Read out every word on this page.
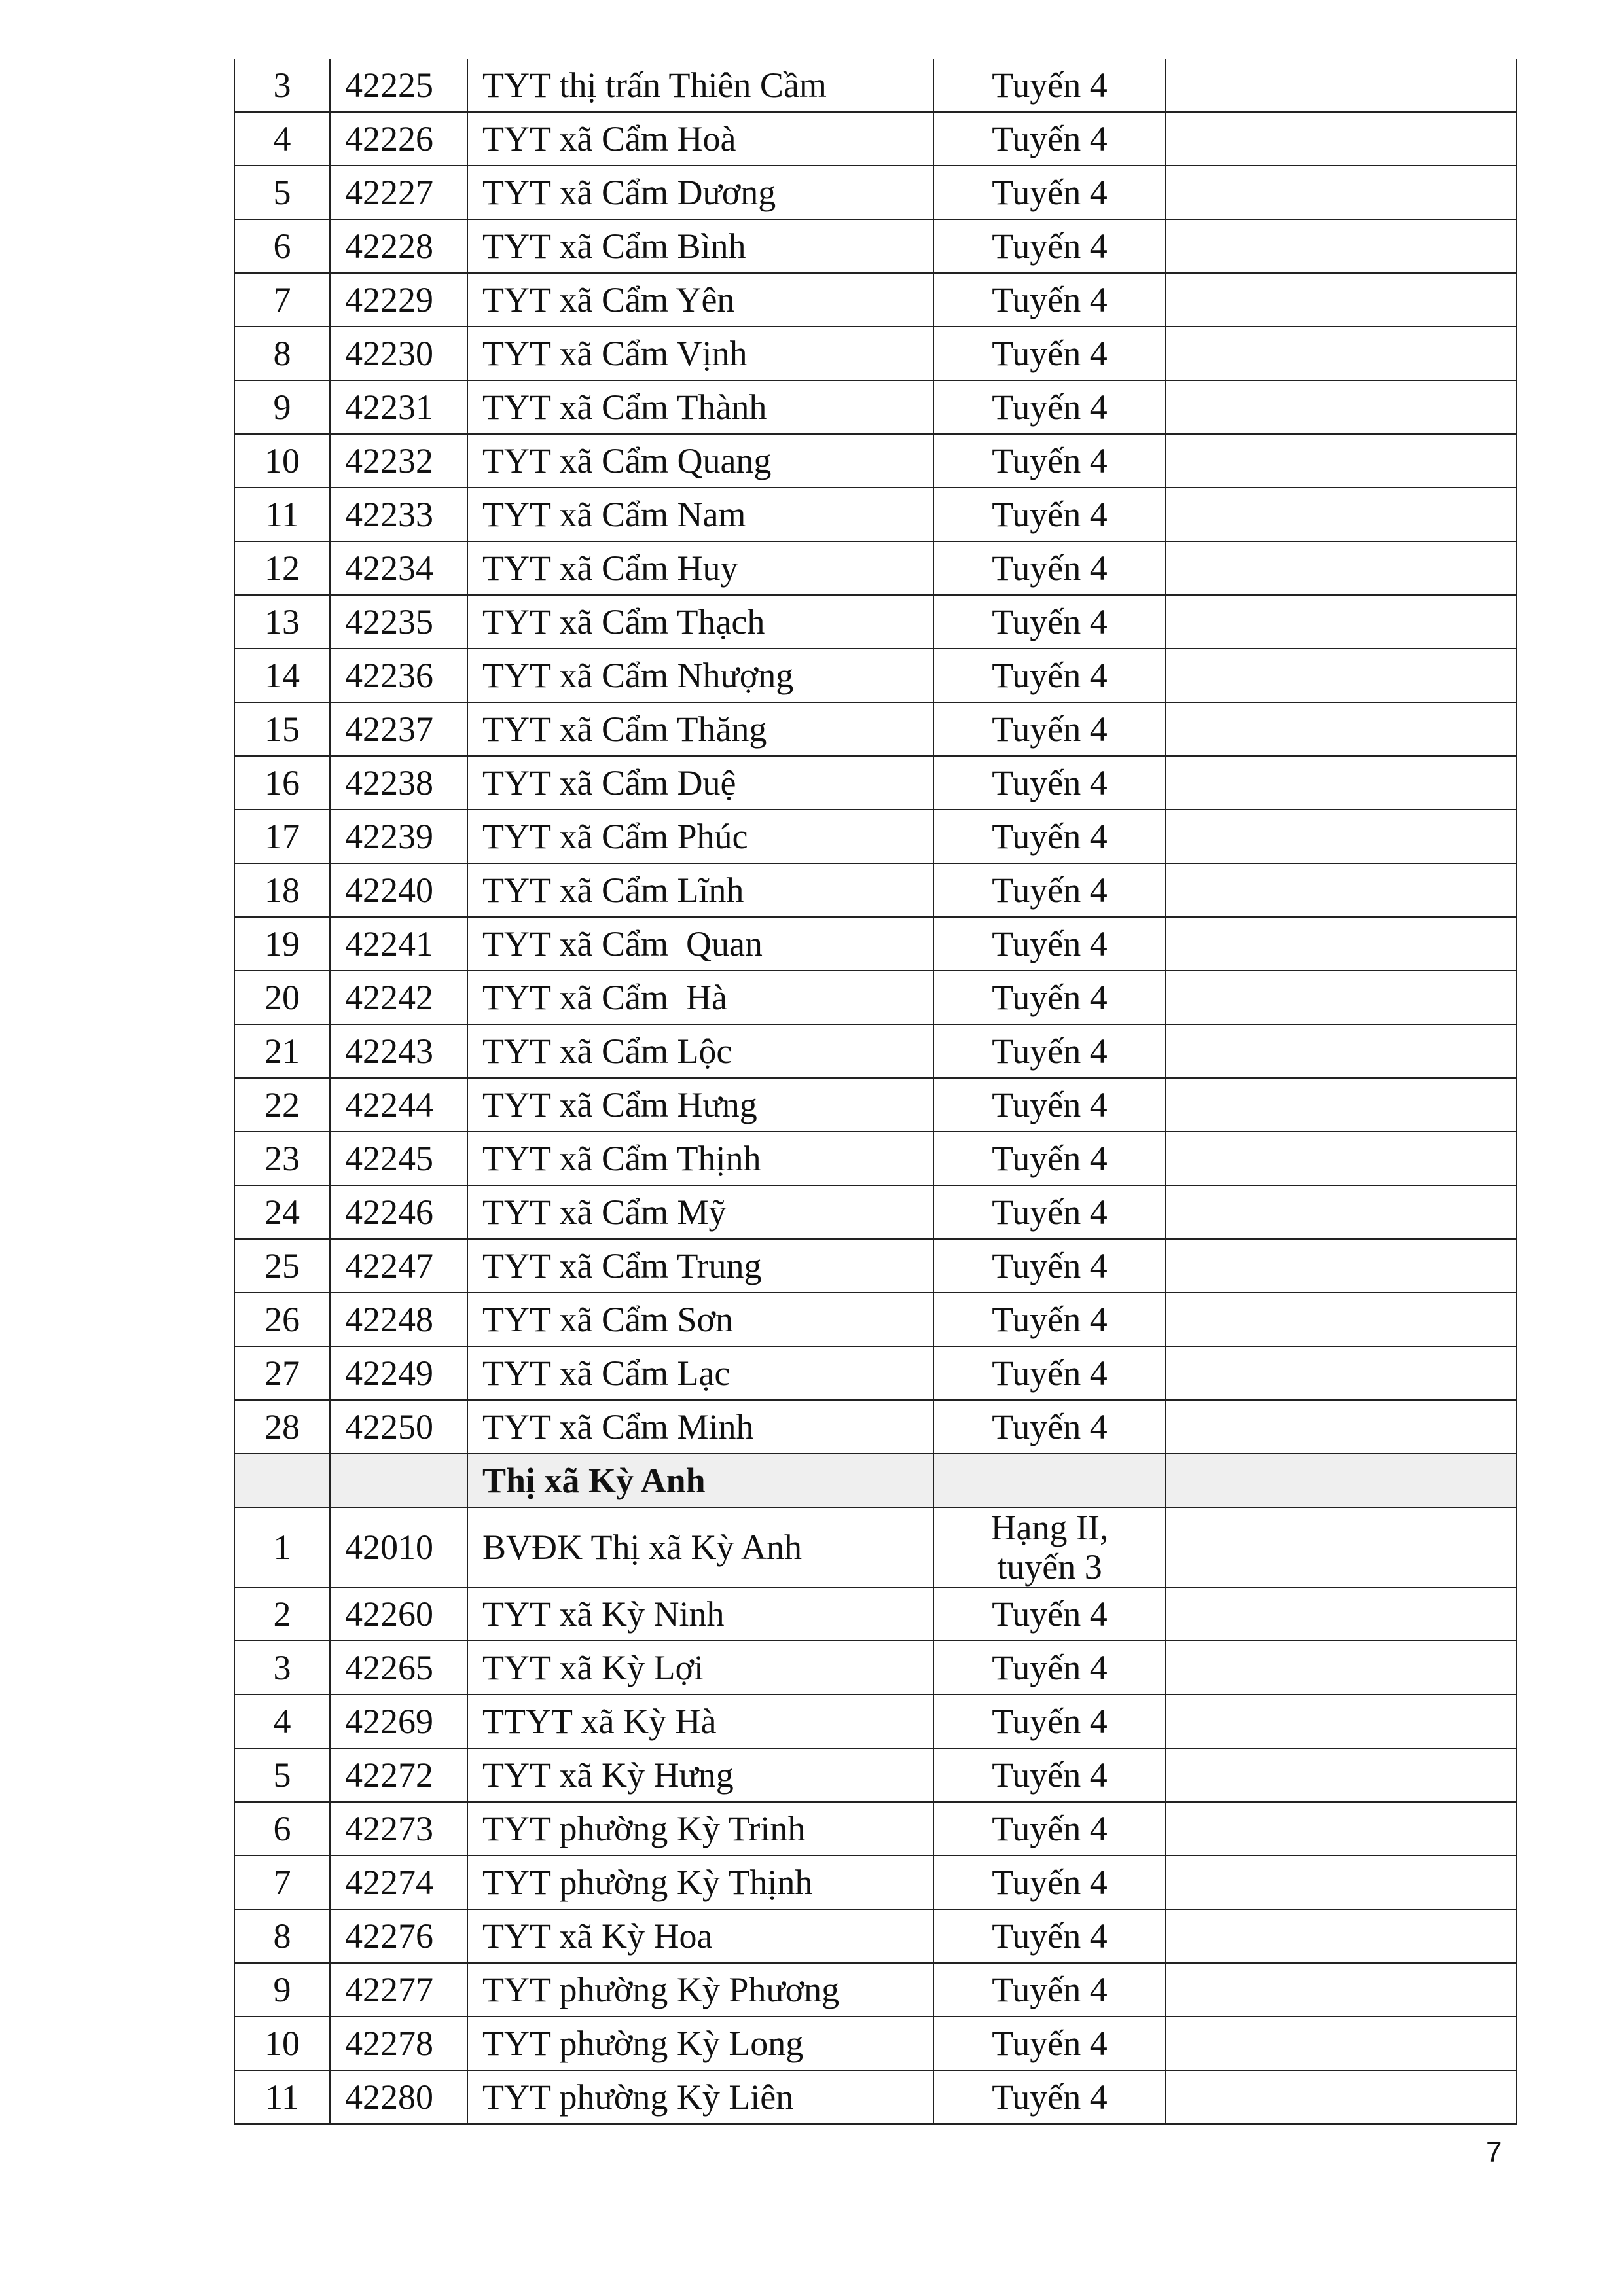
3	42225	TYT thị trấn Thiên Cầm	Tuyến 4	
4	42226	TYT xã Cẩm Hoà	Tuyến 4	
5	42227	TYT xã Cẩm Dương	Tuyến 4	
6	42228	TYT xã Cẩm Bình	Tuyến 4	
7	42229	TYT xã Cẩm Yên	Tuyến 4	
8	42230	TYT xã Cẩm Vịnh	Tuyến 4	
9	42231	TYT xã Cẩm Thành	Tuyến 4	
10	42232	TYT xã Cẩm Quang	Tuyến 4	
11	42233	TYT xã Cẩm Nam	Tuyến 4	
12	42234	TYT xã Cẩm Huy	Tuyến 4	
13	42235	TYT xã Cẩm Thạch	Tuyến 4	
14	42236	TYT xã Cẩm Nhượng	Tuyến 4	
15	42237	TYT xã Cẩm Thăng	Tuyến 4	
16	42238	TYT xã Cẩm Duệ	Tuyến 4	
17	42239	TYT xã Cẩm Phúc	Tuyến 4	
18	42240	TYT xã Cẩm Lĩnh	Tuyến 4	
19	42241	TYT xã Cẩm  Quan	Tuyến 4	
20	42242	TYT xã Cẩm  Hà	Tuyến 4	
21	42243	TYT xã Cẩm Lộc	Tuyến 4	
22	42244	TYT xã Cẩm Hưng	Tuyến 4	
23	42245	TYT xã Cẩm Thịnh	Tuyến 4	
24	42246	TYT xã Cẩm Mỹ	Tuyến 4	
25	42247	TYT xã Cẩm Trung	Tuyến 4	
26	42248	TYT xã Cẩm Sơn	Tuyến 4	
27	42249	TYT xã Cẩm Lạc	Tuyến 4	
28	42250	TYT xã Cẩm Minh	Tuyến 4	
		Thị xã Kỳ Anh		
1	42010	BVĐK Thị xã Kỳ Anh	Hạng II,
tuyến 3	

2	42260	TYT xã Kỳ Ninh	Tuyến 4	
3	42265	TYT xã Kỳ Lợi	Tuyến 4	
4	42269	TTYT xã Kỳ Hà	Tuyến 4	
5	42272	TYT xã Kỳ Hưng	Tuyến 4	
6	42273	TYT phường Kỳ Trinh	Tuyến 4	
7	42274	TYT phường Kỳ Thịnh	Tuyến 4	
8	42276	TYT xã Kỳ Hoa	Tuyến 4	
9	42277	TYT phường Kỳ Phương	Tuyến 4	
10	42278	TYT phường Kỳ Long	Tuyến 4	
11	42280	TYT phường Kỳ Liên	Tuyến 4	
7
